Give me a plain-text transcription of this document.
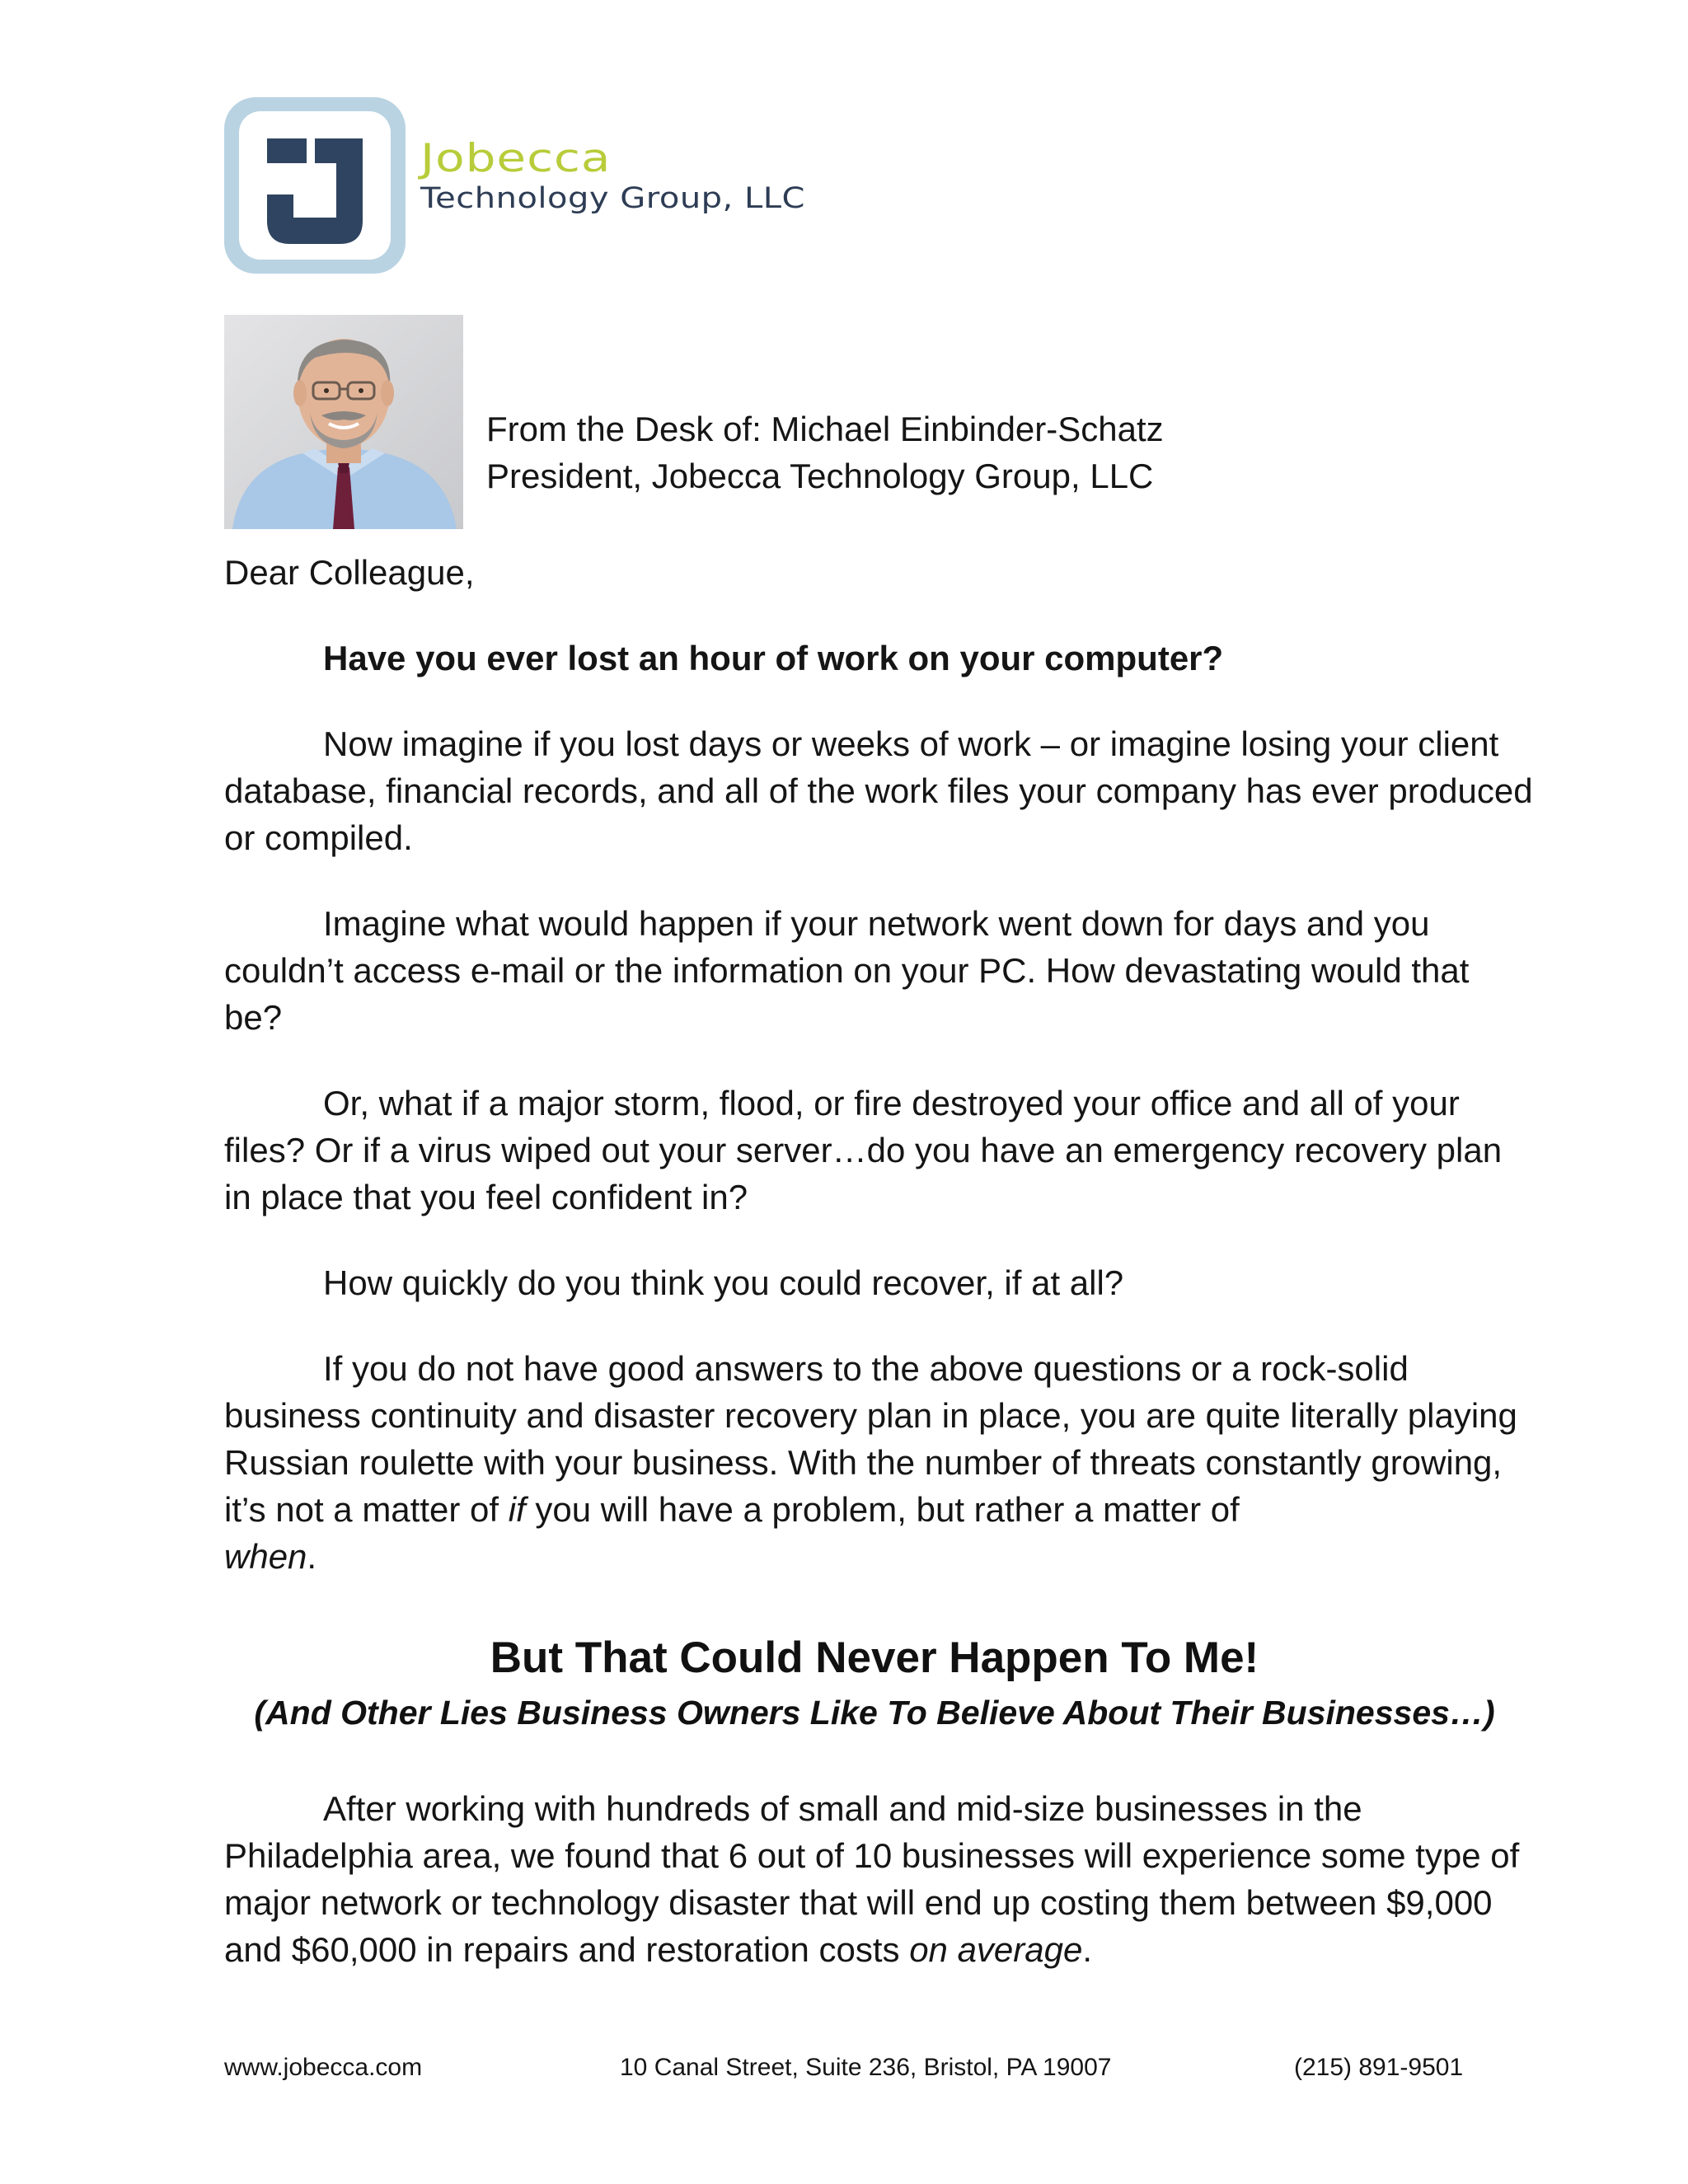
Jobecca
Technology Group, LLC
From the Desk of: Michael Einbinder-Schatz
President, Jobecca Technology Group, LLC
Dear Colleague,

Have you ever lost an hour of work on your computer?

Now imagine if you lost days or weeks of work – or imagine losing your client database, financial records, and all of the work files your company has ever produced or compiled.

Imagine what would happen if your network went down for days and you couldn’t access e-mail or the information on your PC. How devastating would that be?

Or, what if a major storm, flood, or fire destroyed your office and all of your files? Or if a virus wiped out your server…do you have an emergency recovery plan in place that you feel confident in?

How quickly do you think you could recover, if at all?

If you do not have good answers to the above questions or a rock-solid business continuity and disaster recovery plan in place, you are quite literally playing Russian roulette with your business. With the number of threats constantly growing, it’s not a matter of if you will have a problem, but rather a matter of
when.

But That Could Never Happen To Me!
(And Other Lies Business Owners Like To Believe About Their Businesses…)

After working with hundreds of small and mid-size businesses in the Philadelphia area, we found that 6 out of 10 businesses will experience some type of major network or technology disaster that will end up costing them between $9,000 and $60,000 in repairs and restoration costs on average.

www.jobecca.com	10 Canal Street, Suite 236, Bristol, PA 19007	(215) 891-9501
